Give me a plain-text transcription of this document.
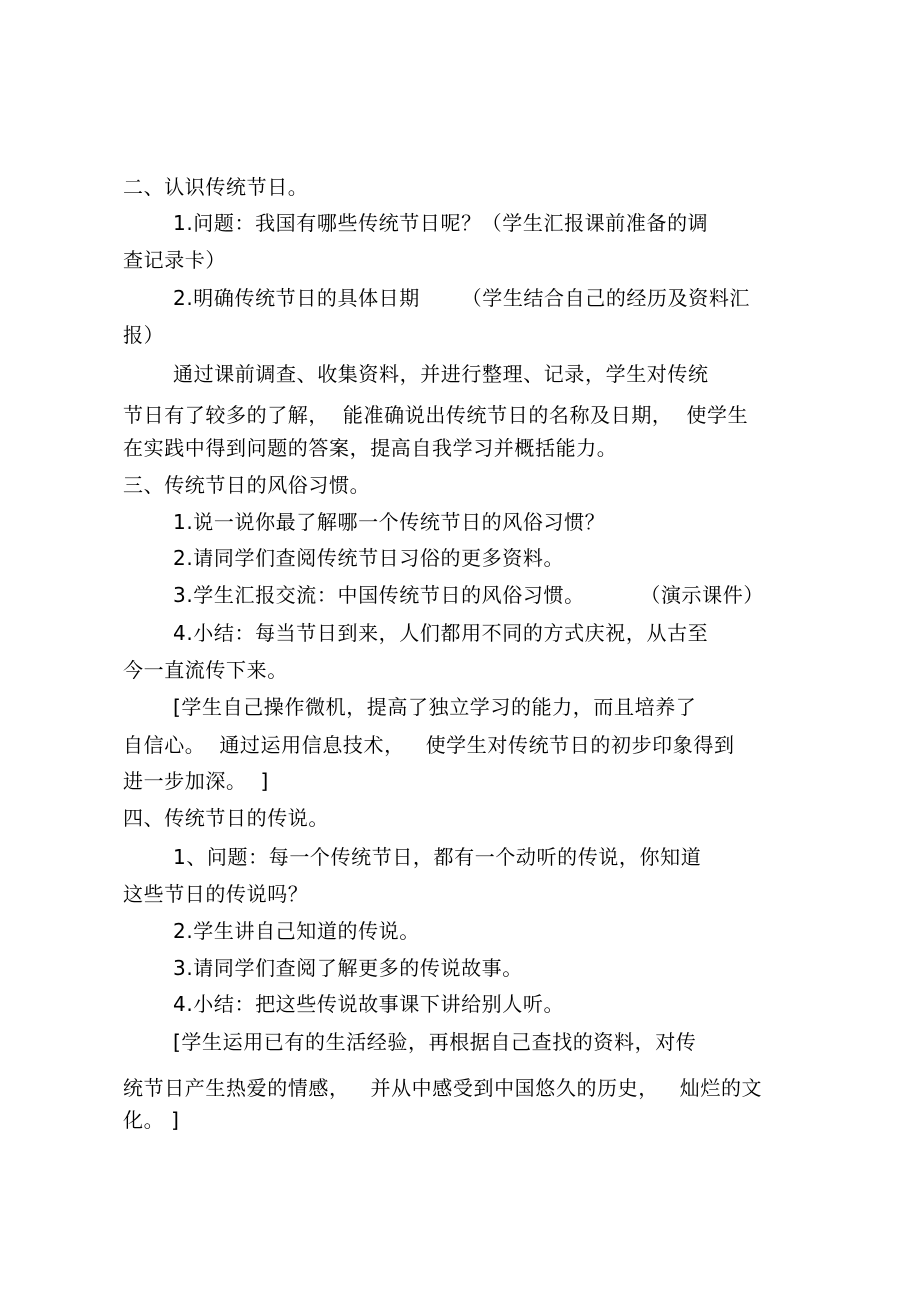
二、认识传统节日。

1.问题：我国有哪些传统节日呢？（学生汇报课前准备的调

查记录卡）

2.明确传统节日的具体日期      （学生结合自己的经历及资料汇

报）

通过课前调查、收集资料，并进行整理、记录，学生对传统

节日有了较多的了解，  能准确说出传统节日的名称及日期，  使学生

在实践中得到问题的答案，提高自我学习并概括能力。

三、传统节日的风俗习惯。

1.说一说你最了解哪一个传统节日的风俗习惯？

2.请同学们查阅传统节日习俗的更多资料。

3.学生汇报交流：中国传统节日的风俗习惯。        （演示课件）

4.小结：每当节日到来，人们都用不同的方式庆祝，从古至

今一直流传下来。

[学生自己操作微机，提高了独立学习的能力，而且培养了

自信心。  通过运用信息技术，   使学生对传统节日的初步印象得到

进一步加深。  ]

四、传统节日的传说。

1、问题：每一个传统节日，都有一个动听的传说，你知道

这些节日的传说吗？

2.学生讲自己知道的传说。

3.请同学们查阅了解更多的传说故事。

4.小结：把这些传说故事课下讲给别人听。

[学生运用已有的生活经验，再根据自己查找的资料，对传

统节日产生热爱的情感，   并从中感受到中国悠久的历史，   灿烂的文

化。 ]
